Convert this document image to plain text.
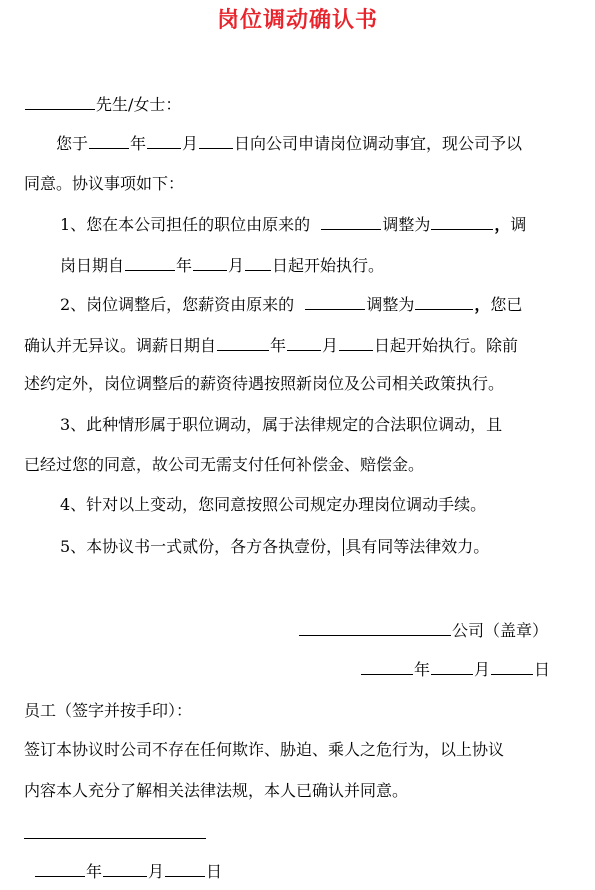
岗位调动确认书

先生/女士：

您于	年 月 日向公司申请岗位调动事宜，现公司予以

同意。协议事项如下：

1、您在本公司担任的职位由原来的	调整为	，调

岗日期自	年 月 日起开始执行。

2、岗位调整后，您薪资由原来的	调整为	，您已

确认并无异议。调薪日期自	年 月 日起开始执行。除前

述约定外，岗位调整后的薪资待遇按照新岗位及公司相关政策执行。

3、此种情形属于职位调动，属于法律规定的合法职位调动，且

已经过您的同意，故公司无需支付任何补偿金、赔偿金。

4、针对以上变动，您同意按照公司规定办理岗位调动手续。

5、本协议书一式贰份，各方各执壹份， 具有同等法律效力。

公司（盖章）

年	月	日

员工（签字并按手印）：

签订本协议时公司不存在任何欺诈、胁迫、乘人之危行为，以上协议

内容本人充分了解相关法律法规，本人已确认并同意。

年	月	日
